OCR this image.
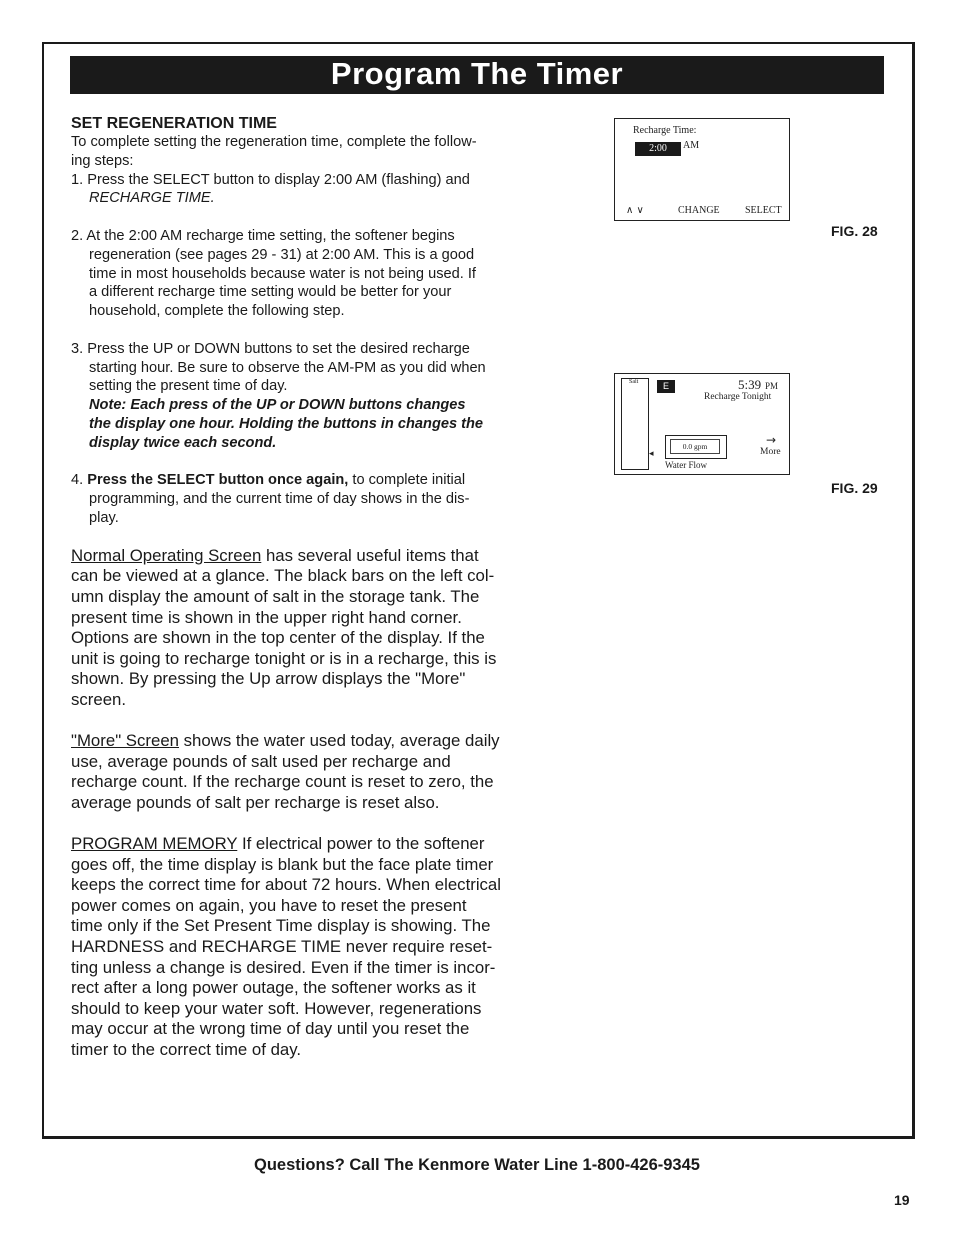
Program The Timer

SET REGENERATION TIME

To complete setting the regeneration time, complete the follow-

ing steps:

1. Press the SELECT button to display 2:00 AM (flashing) and

RECHARGE TIME.

2. At the 2:00 AM recharge time setting, the softener begins

regeneration (see pages 29 - 31) at 2:00 AM. This is a good

time in most households because water is not being used. If

a different recharge time setting would be better for your

household, complete the following step.

3. Press the UP or DOWN buttons to set the desired recharge

starting hour. Be sure to observe the AM-PM as you did when

setting the present time of day.

Note: Each press of the UP or DOWN buttons changes

the display one hour. Holding the buttons in changes the

display twice each second.

4. Press the SELECT button once again, to complete initial

programming, and the current time of day shows in the dis-

play.

Normal Operating Screen has several useful items that

can be viewed at a glance. The black bars on the left col-

umn display the amount of salt in the storage tank. The

present time is shown in the upper right hand corner.

Options are shown in the top center of the display. If the

unit is going to recharge tonight or is in a recharge, this is

shown. By pressing the Up arrow displays the "More"

screen.

"More" Screen shows the water used today, average daily

use, average pounds of salt used per recharge and

recharge count. If the recharge count is reset to zero, the

average pounds of salt per recharge is reset also.

PROGRAM MEMORY If electrical power to the softener

goes off, the time display is blank but the face plate timer

keeps the correct time for about 72 hours. When electrical

power comes on again, you have to reset the present

time only if the Set Present Time display is showing. The

HARDNESS and RECHARGE TIME never require reset-

ting unless a change is desired. Even if the timer is incor-

rect after a long power outage, the softener works as it

should to keep your water soft. However, regenerations

may occur at the wrong time of day until you reset the

timer to the correct time of day.

Recharge Time:
2:00	AM
∧ ∨	CHANGE	SELECT
FIG. 28
Salt	E	5:39 PM
Recharge Tonight
◂
0.0 gpm
Water Flow
→
More
FIG. 29
Questions? Call The Kenmore Water Line 1-800-426-9345
19
